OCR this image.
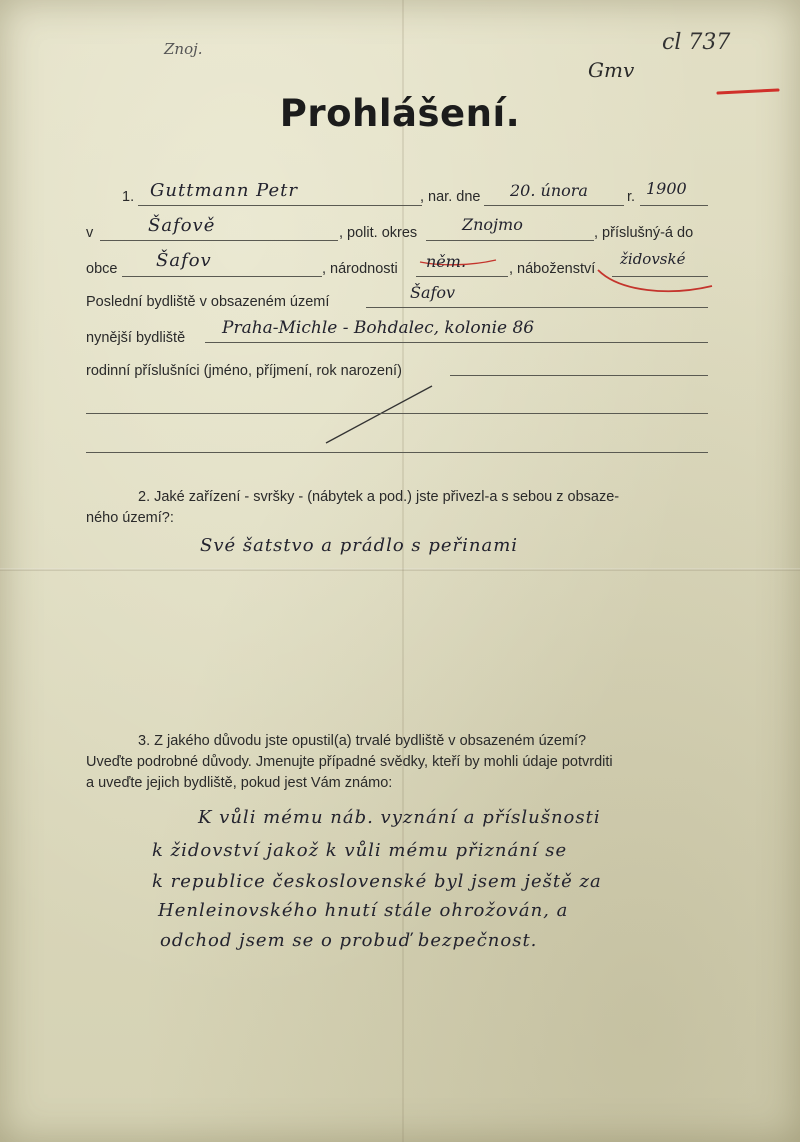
Znoj.	cl 737
Gmv
Prohlášení.
1. Guttmann Petr	, nar. dne 20. února	r. 1900
v	Šafově	, polit. okres	Znojmo	, příslušný-á do
obce Šafov	, národnosti něm.	, náboženství
židovské
Poslední bydliště v obsazeném území	Šafov
nynější bydliště Praha-Michle - Bohdalec, kolonie 86
rodinní příslušníci (jméno, příjmení, rok narození)
2. Jaké zařízení - svršky - (nábytek a pod.) jste přivezl-a s sebou z obsaze-
ného území?:
Své šatstvo a prádlo s peřinami
3. Z jakého důvodu jste opustil(a) trvalé bydliště v obsazeném území?
Uveďte podrobné důvody. Jmenujte případné svědky, kteří by mohli údaje potvrditi
a uveďte jejich bydliště, pokud jest Vám známo:
K vůli mému náb. vyznání a příslušnosti
k židovství jakož k vůli mému přiznání se
k republice československé byl jsem ještě za
Henleinovského hnutí stále ohrožován, a
odchod jsem se o probuď bezpečnost.
